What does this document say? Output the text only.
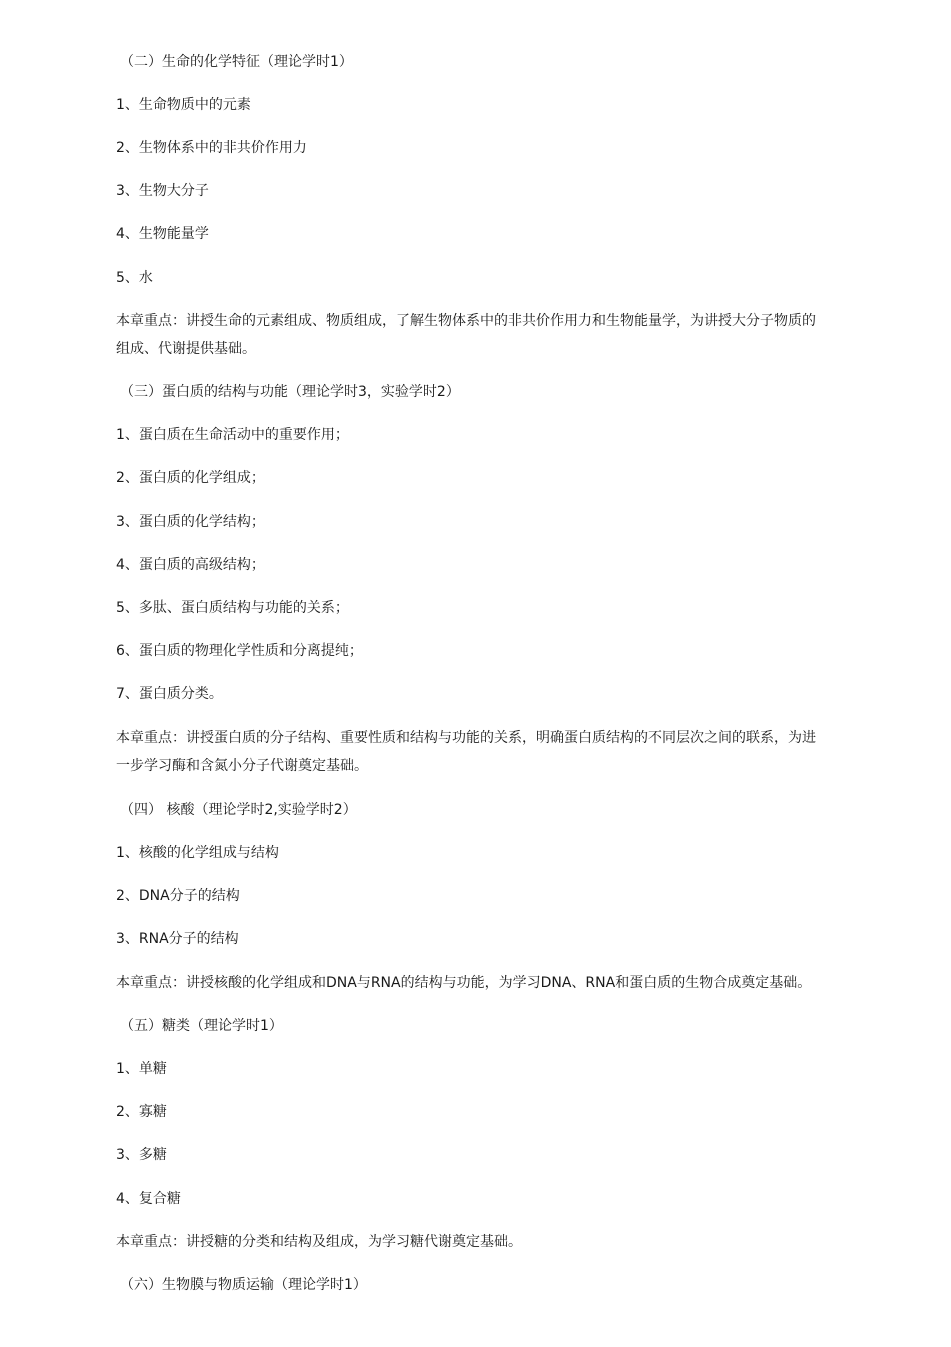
（二）生命的化学特征（理论学时1）
1、生命物质中的元素
2、生物体系中的非共价作用力
3、生物大分子
4、生物能量学
5、水
本章重点：讲授生命的元素组成、物质组成，了解生物体系中的非共价作用力和生物能量学，为讲授大分子物质的
组成、代谢提供基础。
（三）蛋白质的结构与功能（理论学时3，实验学时2）
1、蛋白质在生命活动中的重要作用；
2、蛋白质的化学组成；
3、蛋白质的化学结构；
4、蛋白质的高级结构；
5、多肽、蛋白质结构与功能的关系；
6、蛋白质的物理化学性质和分离提纯；
7、蛋白质分类。
本章重点：讲授蛋白质的分子结构、重要性质和结构与功能的关系，明确蛋白质结构的不同层次之间的联系，为进
一步学习酶和含氮小分子代谢奠定基础。
（四） 核酸（理论学时2,实验学时2）
1、核酸的化学组成与结构
2、DNA分子的结构
3、RNA分子的结构
本章重点：讲授核酸的化学组成和DNA与RNA的结构与功能，为学习DNA、RNA和蛋白质的生物合成奠定基础。
（五）糖类（理论学时1）
1、单糖
2、寡糖
3、多糖
4、复合糖
本章重点：讲授糖的分类和结构及组成，为学习糖代谢奠定基础。
（六）生物膜与物质运输（理论学时1）
